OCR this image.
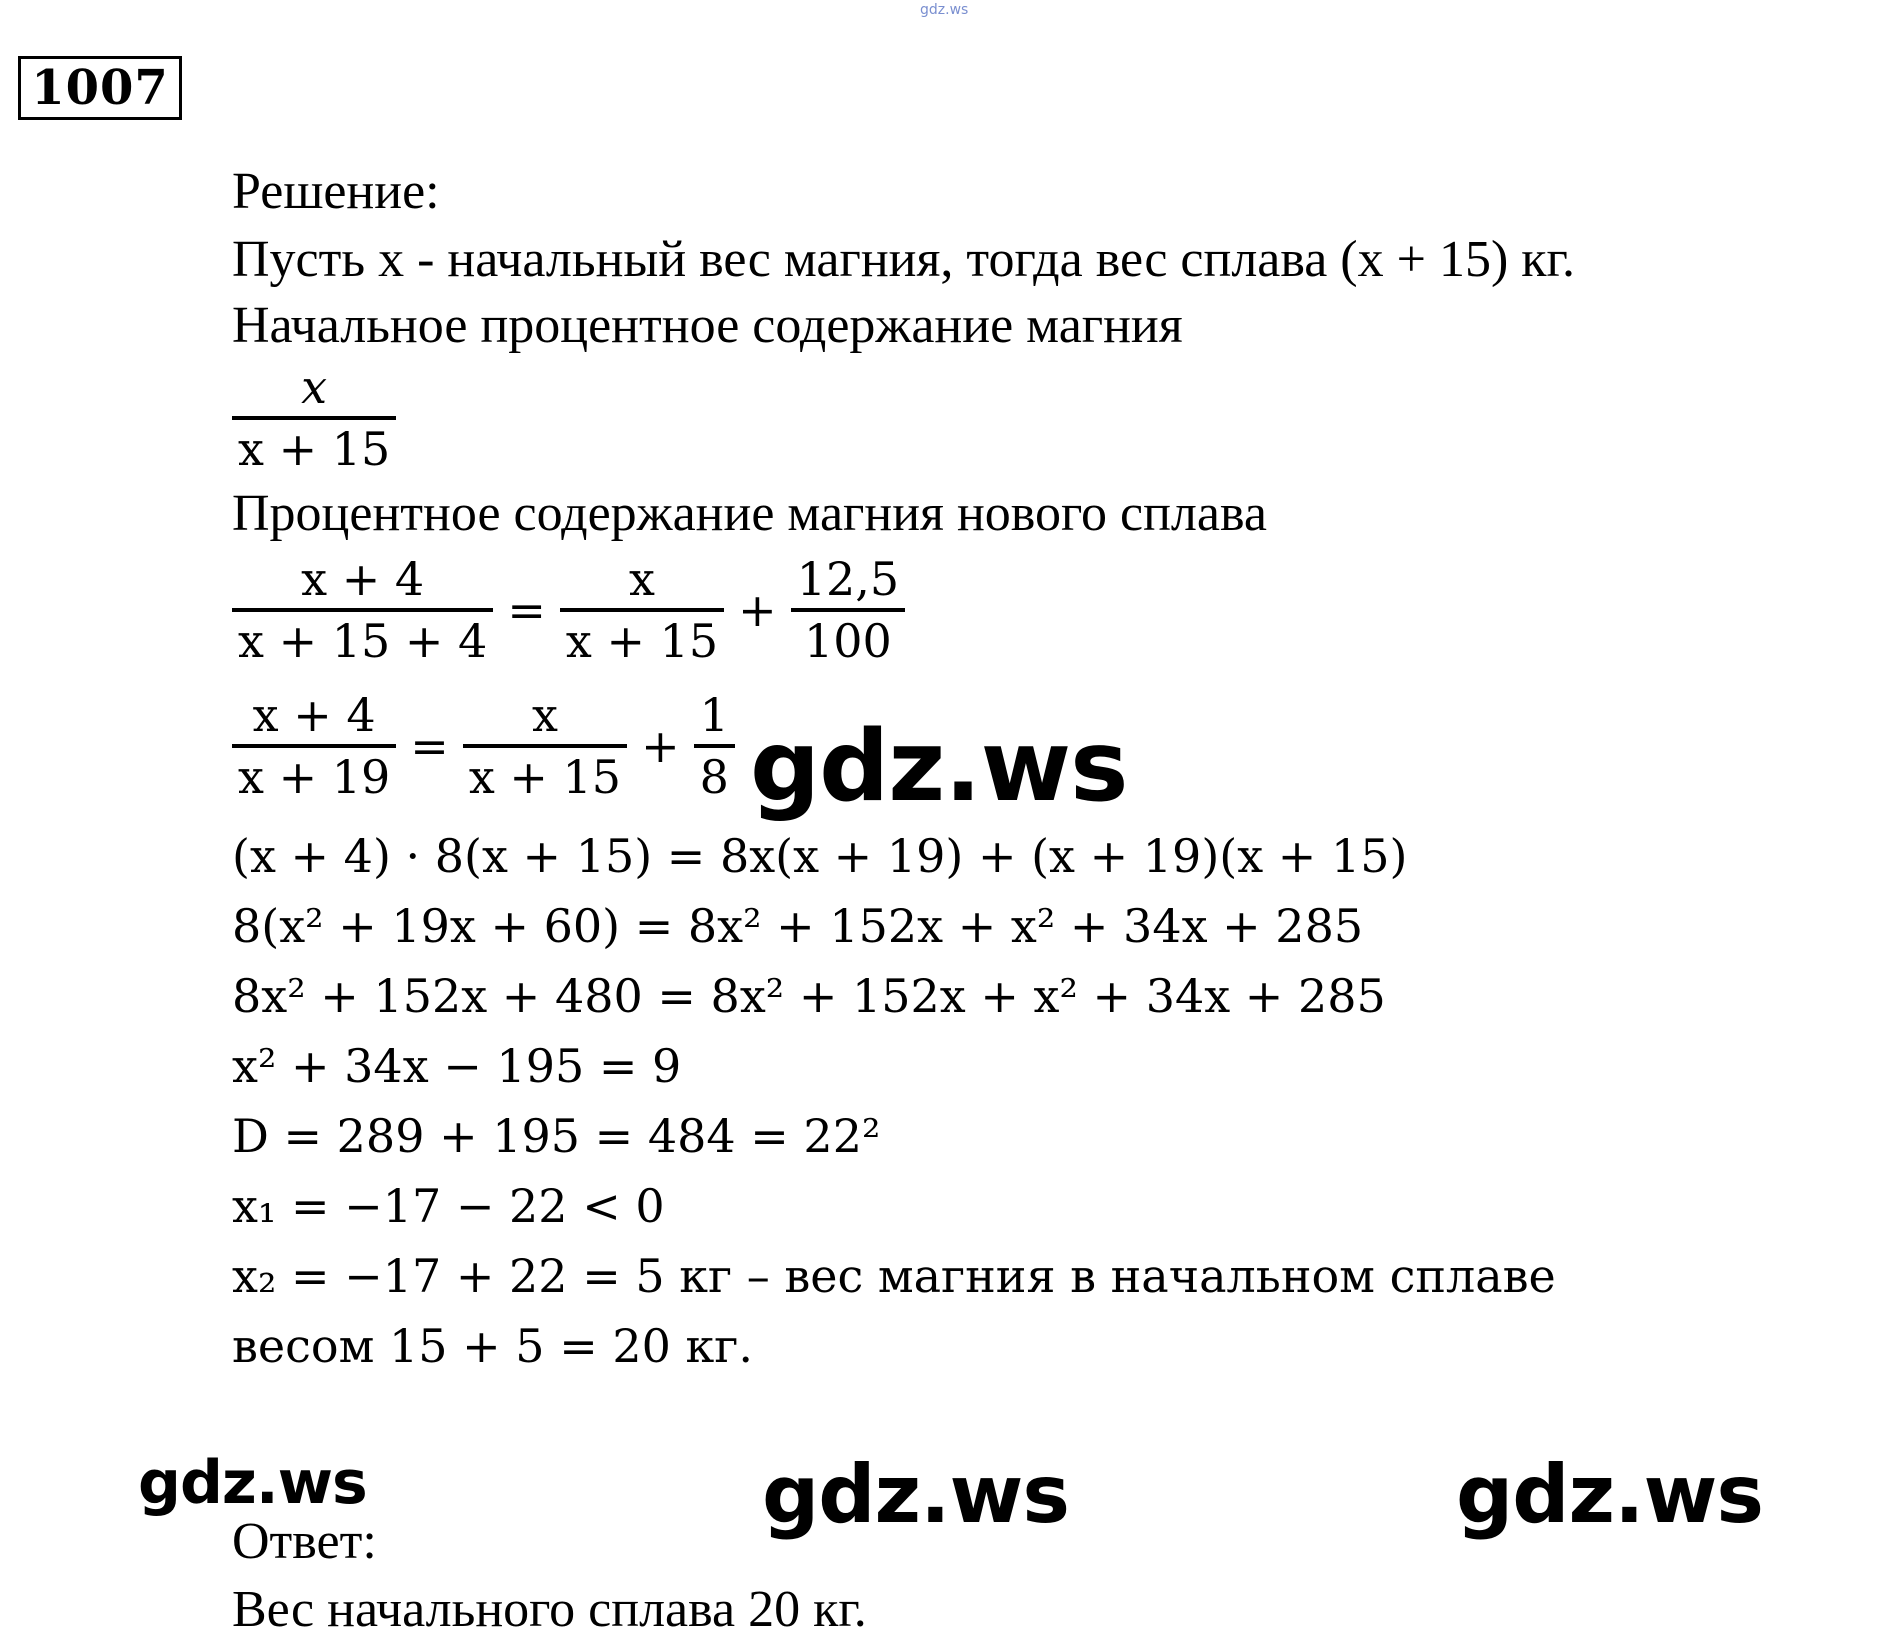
gdz.ws
1007
Решение:
Пусть x - начальный вес магния, тогда вес сплава (x + 15) кг.
Начальное процентное содержание магния
$\frac{x}{x + 15}$
Процентное содержание магния нового сплава
$\frac{x + 4}{x + 15 + 4} = \frac{x}{x + 15} + \frac{12,5}{100}$
$\frac{x + 4}{x + 19} = \frac{x}{x + 15} + \frac{1}{8}$
(x + 4) · 8(x + 15) = 8x(x + 19) + (x + 19)(x + 15)
8(x² + 19x + 60) = 8x² + 152x + x² + 34x + 285
8x² + 152x + 480 = 8x² + 152x + x² + 34x + 285
x² + 34x − 195 = 9
D = 289 + 195 = 484 = 22²
x₁ = −17 − 22 < 0
x₂ = −17 + 22 = 5 кг – вес магния в начальном сплаве
весом 15 + 5 = 20 кг.
Ответ:
Вес начального сплава 20 кг.
gdz.ws
gdz.ws	gdz.ws	gdz.ws
